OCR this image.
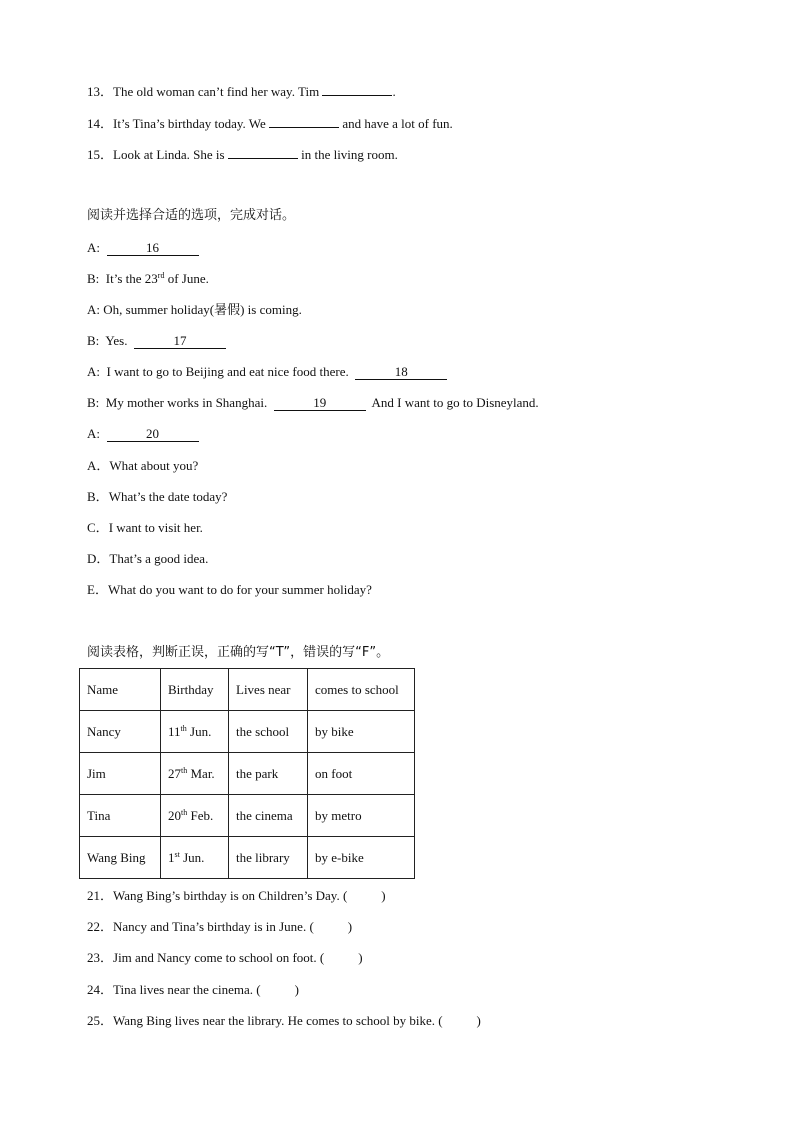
13．The old woman can’t find her way. Tim	.
14．It’s Tina’s birthday today. We	and have a lot of fun.
15．Look at Linda. She is	in the living room.
阅读并选择合适的选项，完成对话。
A:	16
B: It’s the 23rd of June.
A: Oh, summer holiday(暑假) is coming.
B: Yes.	17
A: I want to go to Beijing and eat nice food there.	18
B: My mother works in Shanghai.	19	And I want to go to Disneyland.
A:	20
A．What about you?
B．What’s the date today?
C．I want to visit her.
D．That’s a good idea.
E．What do you want to do for your summer holiday?
阅读表格，判断正误，正确的写“T”，错误的写“F”。
Name	Birthday	Lives near	comes to school
Nancy	11th Jun.	the school	by bike
Jim	27th Mar.	the park	on foot
Tina	20th Feb.	the cinema	by metro
Wang Bing	1st Jun.	the library	by e-bike
21．Wang Bing’s birthday is on Children’s Day. (	)
22．Nancy and Tina’s birthday is in June. (	)
23．Jim and Nancy come to school on foot. (	)
24．Tina lives near the cinema. (	)
25．Wang Bing lives near the library. He comes to school by bike. (	)
